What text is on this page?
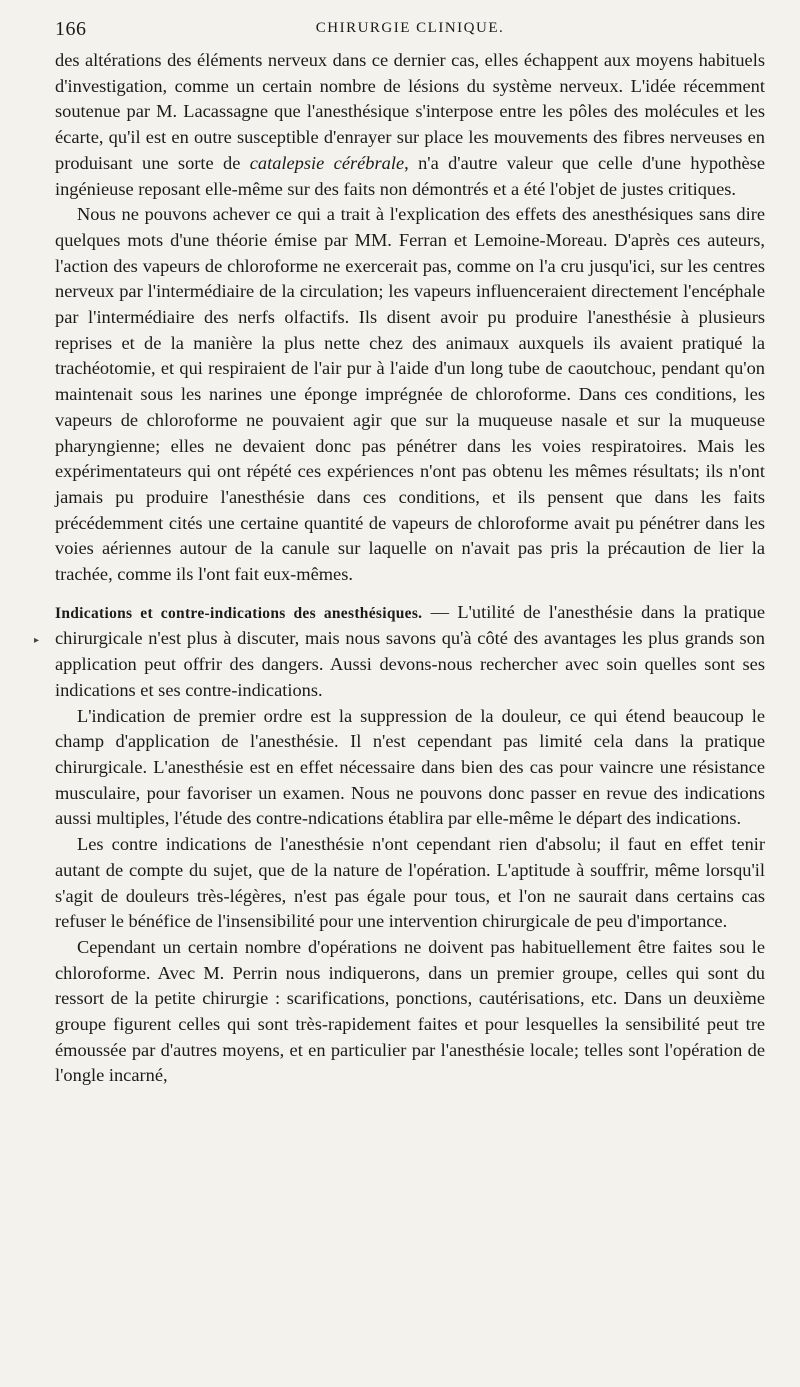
166	CHIRURGIE CLINIQUE.

des altérations des éléments nerveux dans ce dernier cas, elles échappent aux moyens habituels d'investigation, comme un certain nombre de lésions du système nerveux. L'idée récemment soutenue par M. Lacassagne que l'anesthésique s'interpose entre les pôles des molécules et les écarte, qu'il est en outre susceptible d'enrayer sur place les mouvements des fibres nerveuses en produisant une sorte de catalepsie cérébrale, n'a d'autre valeur que celle d'une hypothèse ingénieuse reposant elle-même sur des faits non démontrés et a été l'objet de justes critiques.

Nous ne pouvons achever ce qui a trait à l'explication des effets des anesthésiques sans dire quelques mots d'une théorie émise par MM. Ferran et Lemoine-Moreau. D'après ces auteurs, l'action des vapeurs de chloroforme ne exercerait pas, comme on l'a cru jusqu'ici, sur les centres nerveux par l'intermédiaire de la circulation; les vapeurs influenceraient directement l'encéphale par l'intermédiaire des nerfs olfactifs. Ils disent avoir pu produire l'anesthésie à plusieurs reprises et de la manière la plus nette chez des animaux auxquels ils avaient pratiqué la trachéotomie, et qui respiraient de l'air pur à l'aide d'un long tube de caoutchouc, pendant qu'on maintenait sous les narines une éponge imprégnée de chloroforme. Dans ces conditions, les vapeurs de chloroforme ne pouvaient agir que sur la muqueuse nasale et sur la muqueuse pharyngienne; elles ne devaient donc pas pénétrer dans les voies respiratoires. Mais les expérimentateurs qui ont répété ces expériences n'ont pas obtenu les mêmes résultats; ils n'ont jamais pu produire l'anesthésie dans ces conditions, et ils pensent que dans les faits précédemment cités une certaine quantité de vapeurs de chloroforme avait pu pénétrer dans les voies aériennes autour de la canule sur laquelle on n'avait pas pris la précaution de lier la trachée, comme ils l'ont fait eux-mêmes.

Indications et contre-indications des anesthésiques. — L'utilité de l'anesthésie dans la pratique chirurgicale n'est plus à discuter, mais nous savons qu'à côté des avantages les plus grands son application peut offrir des dangers. Aussi devons-nous rechercher avec soin quelles sont ses indications et ses contre-indications.

L'indication de premier ordre est la suppression de la douleur, ce qui étend beaucoup le champ d'application de l'anesthésie. Il n'est cependant pas limité cela dans la pratique chirurgicale. L'anesthésie est en effet nécessaire dans bien des cas pour vaincre une résistance musculaire, pour favoriser un examen. Nous ne pouvons donc passer en revue des indications aussi multiples, l'étude des contre-ndications établira par elle-même le départ des indications.

Les contre indications de l'anesthésie n'ont cependant rien d'absolu; il faut en effet tenir autant de compte du sujet, que de la nature de l'opération. L'aptitude à souffrir, même lorsqu'il s'agit de douleurs très-légères, n'est pas égale pour tous, et l'on ne saurait dans certains cas refuser le bénéfice de l'insensibilité pour une intervention chirurgicale de peu d'importance.

Cependant un certain nombre d'opérations ne doivent pas habituellement être faites sou le chloroforme. Avec M. Perrin nous indiquerons, dans un premier groupe, celles qui sont du ressort de la petite chirurgie : scarifications, ponctions, cautérisations, etc. Dans un deuxième groupe figurent celles qui sont très-rapidement faites et pour lesquelles la sensibilité peut tre émoussée par d'autres moyens, et en particulier par l'anesthésie locale; telles sont l'opération de l'ongle incarné,

▸
